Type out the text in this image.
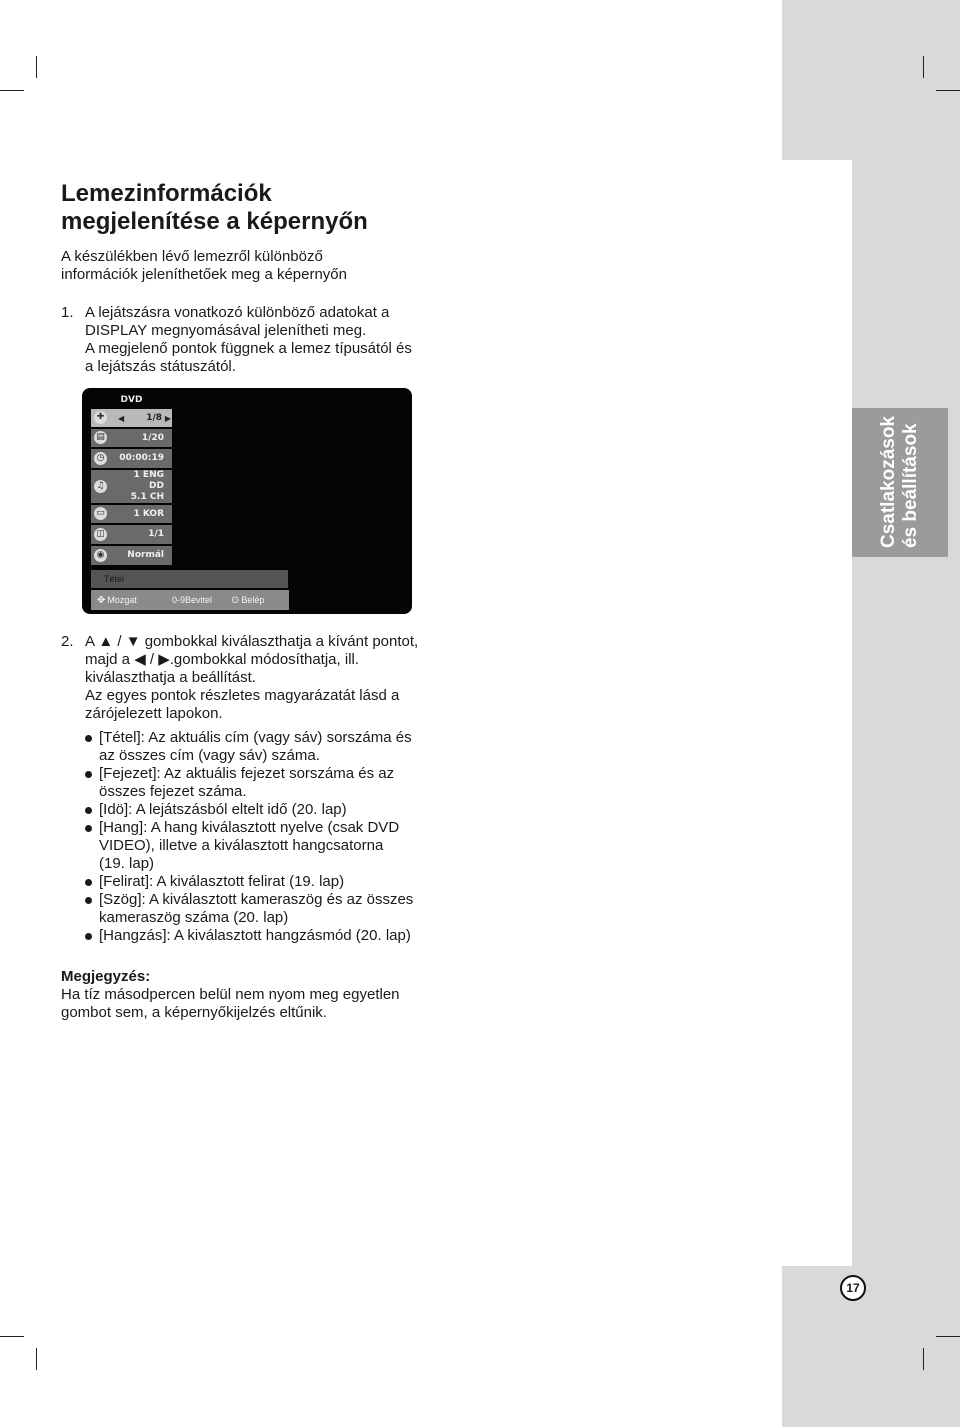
Csatlakozások és beállítások
17
Lemezinformációk
megjelenítése a képernyőn

A készülékben lévő lemezről különböző
információk jeleníthetőek meg a képernyőn

1. A lejátszásra vonatkozó különböző adatokat a
DISPLAY megnyomásával jelenítheti meg.
A megjelenő pontok függnek a lemez típusától és
a lejátszás státuszától.

DVD
✚	◀ 1/8 ▶
▤	1/20
◷ 00:00:19
♫
1 ENG
DD
5.1 CH
▭	1 KOR
◫	1/1
◉	Normál
Tétel
✥ Mozgat	0-9Bevitel ⊙ Belép

2. A ▲ / ▼ gombokkal kiválaszthatja a kívánt pontot,
majd a ◀ / ▶.gombokkal módosíthatja, ill.
kiválaszthatja a beállítást.
Az egyes pontok részletes magyarázatát lásd a
zárójelezett lapokon.

[Tétel]: Az aktuális cím (vagy sáv) sorszáma és
az összes cím (vagy sáv) száma.
[Fejezet]: Az aktuális fejezet sorszáma és az
összes fejezet száma.
[Idö]: A lejátszásból eltelt idő (20. lap)
[Hang]: A hang kiválasztott nyelve (csak DVD
VIDEO), illetve a kiválasztott hangcsatorna
(19. lap)
[Felirat]: A kiválasztott felirat (19. lap)
[Szög]: A kiválasztott kameraszög és az összes
kameraszög száma (20. lap)
[Hangzás]: A kiválasztott hangzásmód (20. lap)

Megjegyzés:

Ha tíz másodpercen belül nem nyom meg egyetlen
gombot sem, a képernyőkijelzés eltűnik.
